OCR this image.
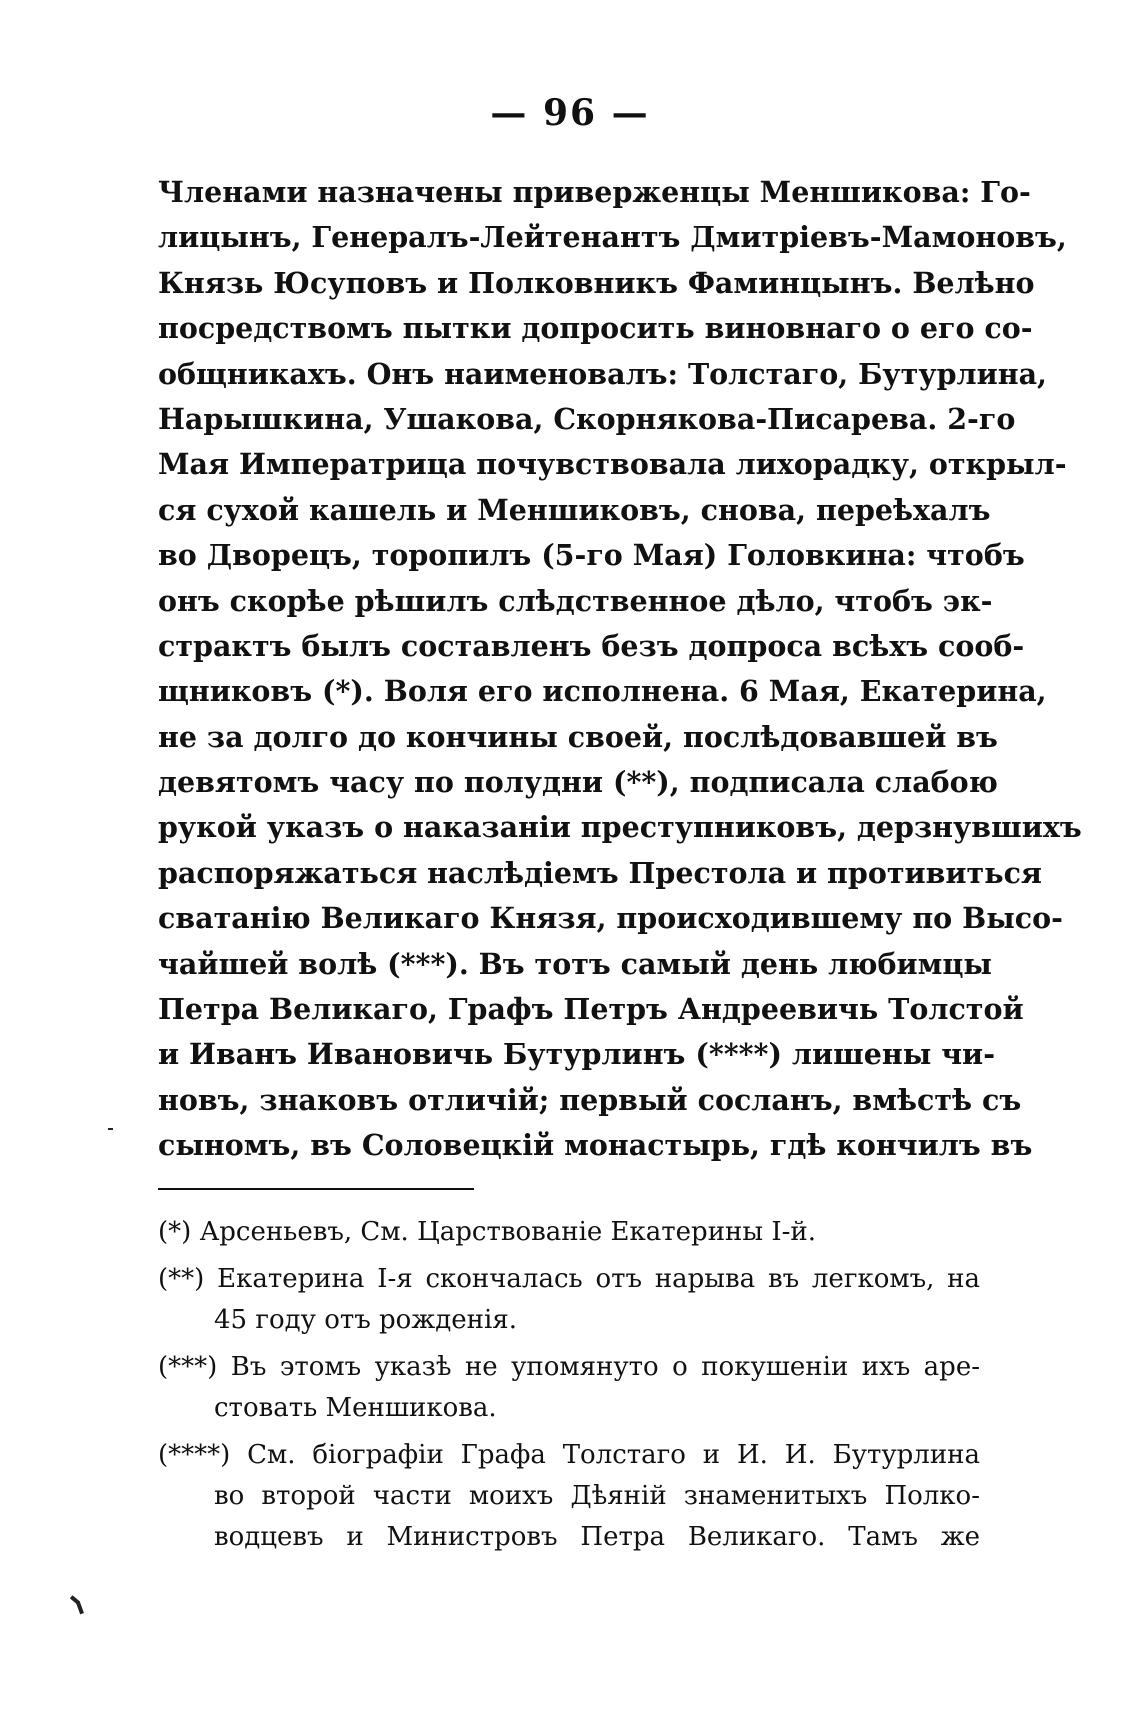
— 96 —
Членами назначены приверженцы Меншикова: Го-
лицынъ, Генералъ-Лейтенантъ Дмитріевъ-Мамоновъ,
Князь Юсуповъ и Полковникъ Фаминцынъ. Велѣно
посредствомъ пытки допросить виновнаго о его со-
общникахъ. Онъ наименовалъ: Толстаго, Бутурлина,
Нарышкина, Ушакова, Скорнякова-Писарева. 2-го
Мая Императрица почувствовала лихорадку, открыл-
ся сухой кашель и Меншиковъ, снова, переѣхалъ
во Дворецъ, торопилъ (5-го Мая) Головкина: чтобъ
онъ скорѣе рѣшилъ слѣдственное дѣло, чтобъ эк-
страктъ былъ составленъ безъ допроса всѣхъ сооб-
щниковъ (*). Воля его исполнена. 6 Мая, Екатерина,
не за долго до кончины своей, послѣдовавшей въ
девятомъ часу по полудни (**), подписала слабою
рукой указъ о наказаніи преступниковъ, дерзнувшихъ
распоряжаться наслѣдіемъ Престола и противиться
сватанію Великаго Князя, происходившему по Высо-
чайшей волѣ (***). Въ тотъ самый день любимцы
Петра Великаго, Графъ Петръ Андреевичь Толстой
и Иванъ Ивановичь Бутурлинъ (****) лишены чи-
новъ, знаковъ отличій; первый сосланъ, вмѣстѣ съ
сыномъ, въ Соловецкій монастырь, гдѣ кончилъ въ
(*) Арсеньевъ, См. Царствованіе Екатерины I-й.
(**) Екатерина I-я скончалась отъ нарыва въ легкомъ, на
45 году отъ рожденія.
(***) Въ этомъ указѣ не упомянуто о покушеніи ихъ аре-
стовать Меншикова.
(****) См. біографіи Графа Толстаго и И. И. Бутурлина
во второй части моихъ Дѣяній знаменитыхъ Полко-
водцевъ и Министровъ Петра Великаго. Тамъ же
